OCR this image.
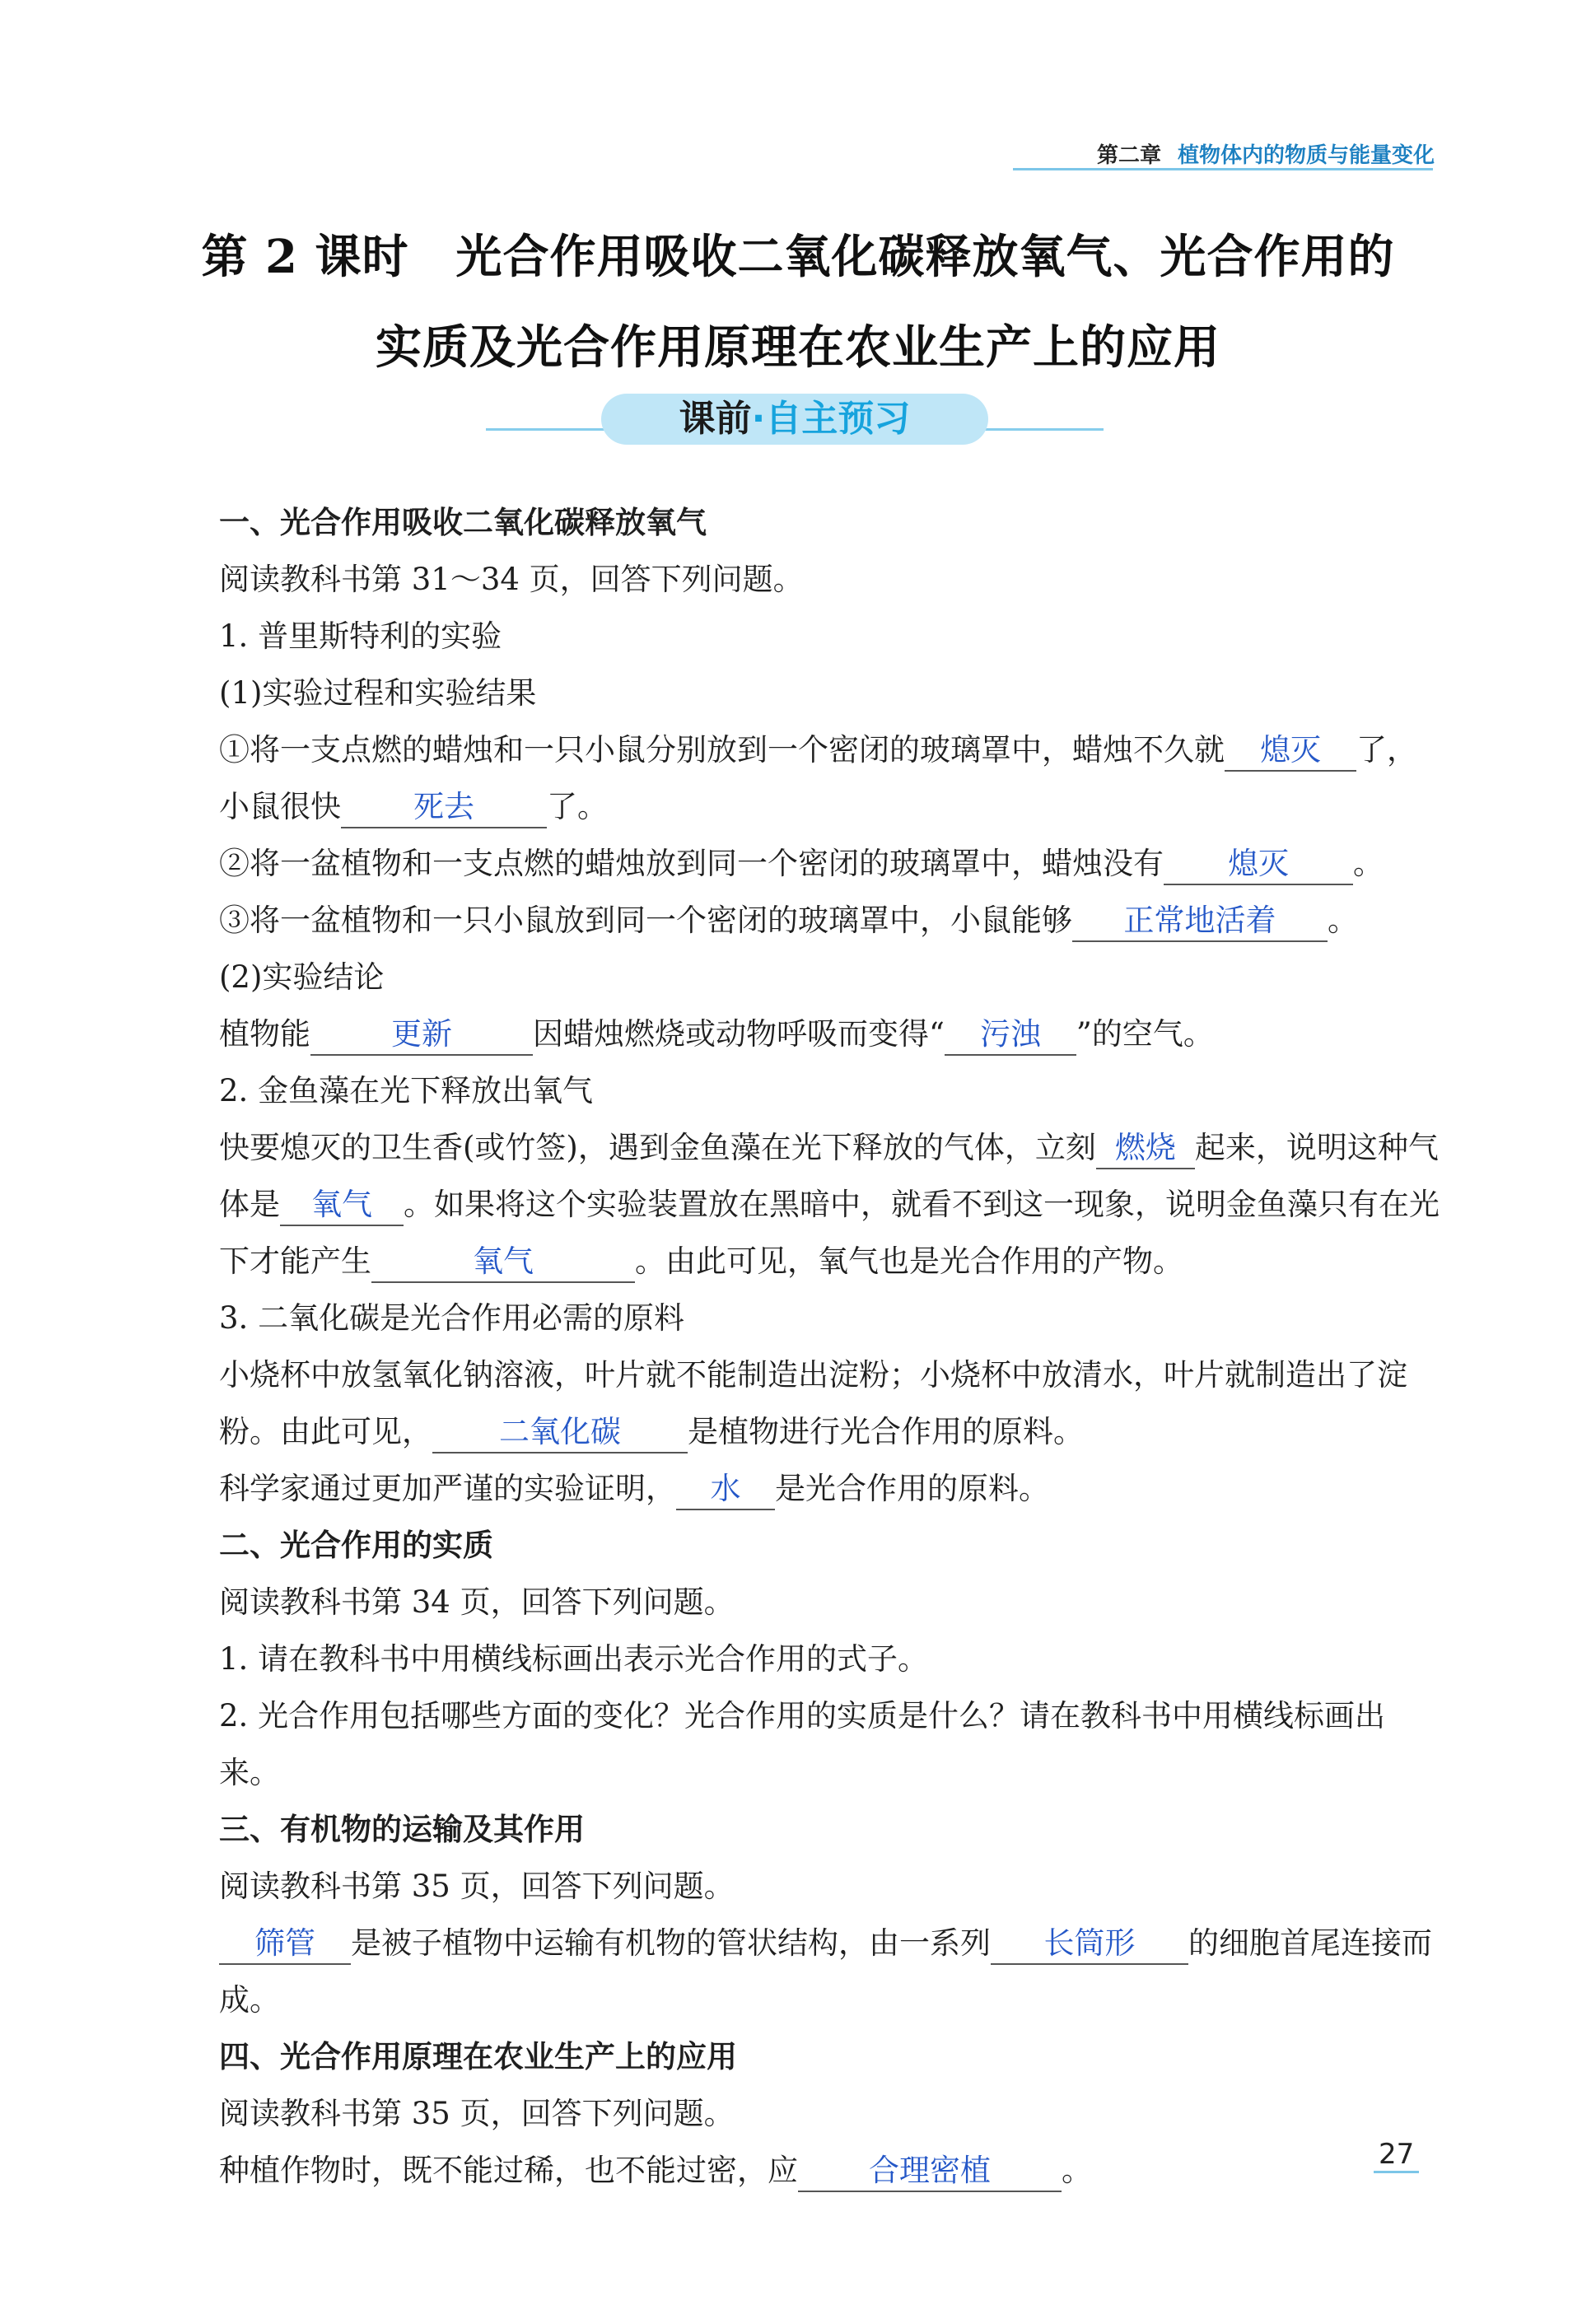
第二章 植物体内的物质与能量变化
第 2 课时　光合作用吸收二氧化碳释放氧气、光合作用的
实质及光合作用原理在农业生产上的应用
课前·自主预习

一、光合作用吸收二氧化碳释放氧气

阅读教科书第 31～34 页，回答下列问题。

1. 普里斯特利的实验

(1)实验过程和实验结果

①将一支点燃的蜡烛和一只小鼠分别放到一个密闭的玻璃罩中，蜡烛不久就 熄灭 了，小鼠很快 死去 了。

②将一盆植物和一支点燃的蜡烛放到同一个密闭的玻璃罩中，蜡烛没有 熄灭 。

③将一盆植物和一只小鼠放到同一个密闭的玻璃罩中，小鼠能够 正常地活着 。

(2)实验结论

植物能	更新	因蜡烛燃烧或动物呼吸而变得“ 污浊 ”的空气。

2. 金鱼藻在光下释放出氧气

快要熄灭的卫生香(或竹签)，遇到金鱼藻在光下释放的气体，立刻 燃烧 起来，说明这种气体是 氧气 。如果将这个实验装置放在黑暗中，就看不到这一现象，说明金鱼藻只有在光下才能产生	氧气	。由此可见，氧气也是光合作用的产物。

3. 二氧化碳是光合作用必需的原料

小烧杯中放氢氧化钠溶液，叶片就不能制造出淀粉；小烧杯中放清水，叶片就制造出了淀粉。由此可见， 二氧化碳 是植物进行光合作用的原料。

科学家通过更加严谨的实验证明， 水 是光合作用的原料。

二、光合作用的实质

阅读教科书第 34 页，回答下列问题。

1. 请在教科书中用横线标画出表示光合作用的式子。

2. 光合作用包括哪些方面的变化？光合作用的实质是什么？请在教科书中用横线标画出来。

三、有机物的运输及其作用

阅读教科书第 35 页，回答下列问题。

筛管 是被子植物中运输有机物的管状结构，由一系列 长筒形 的细胞首尾连接而成。

四、光合作用原理在农业生产上的应用

阅读教科书第 35 页，回答下列问题。

种植作物时，既不能过稀，也不能过密，应 合理密植 。	27
